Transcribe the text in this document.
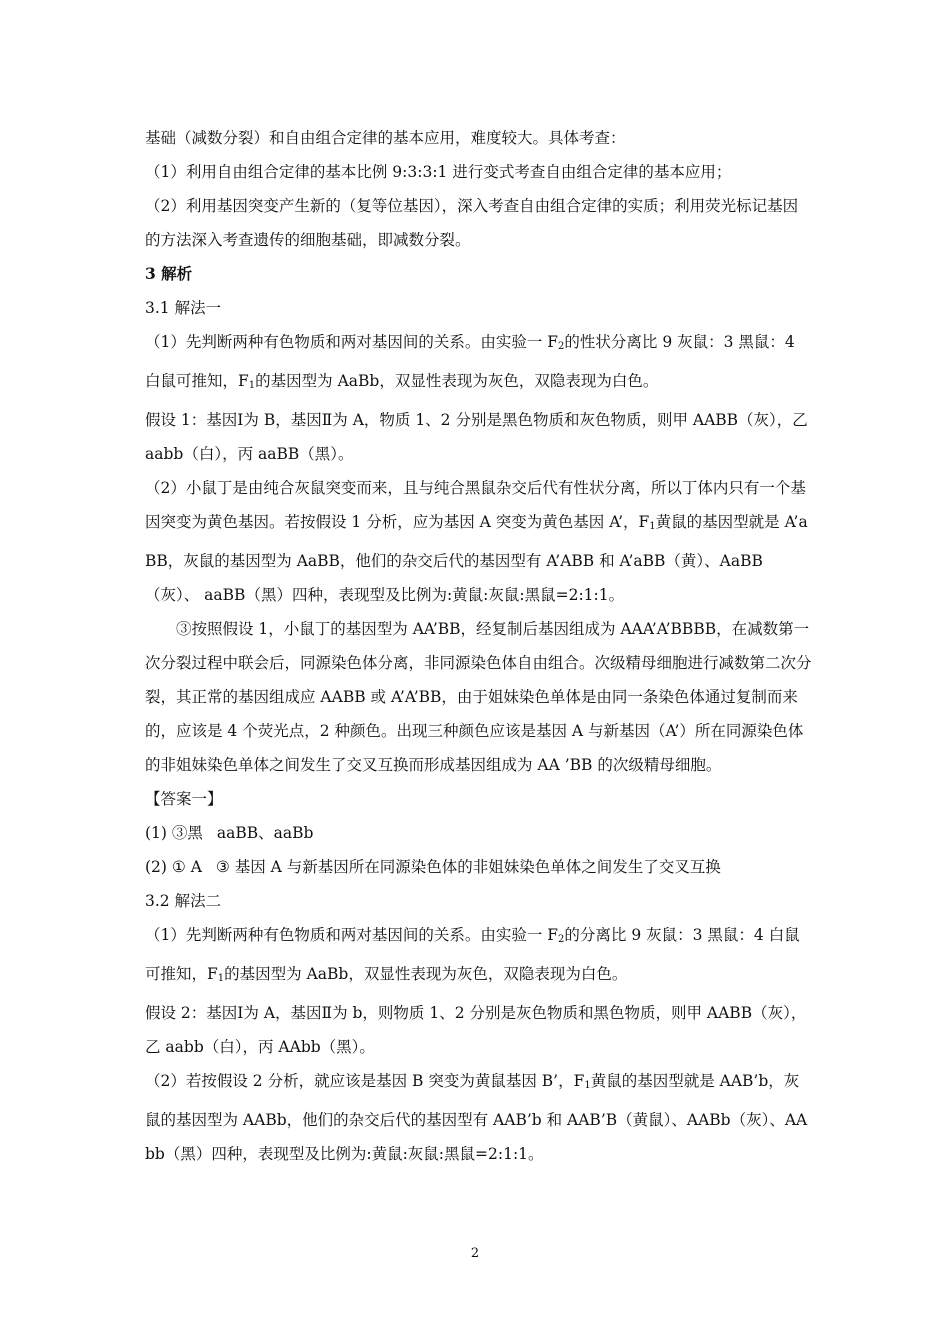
基础（减数分裂）和自由组合定律的基本应用，难度较大。具体考查：

（1）利用自由组合定律的基本比例 9:3:3:1 进行变式考查自由组合定律的基本应用；

（2）利用基因突变产生新的（复等位基因），深入考查自由组合定律的实质；利用荧光标记基因的方法深入考查遗传的细胞基础，即减数分裂。

3 解析

3.1 解法一

（1）先判断两种有色物质和两对基因间的关系。由实验一 $F_2$的性状分离比 9 灰鼠：3 黑鼠：4 白鼠可推知，$F_1$的基因型为 AaBb，双显性表现为灰色，双隐表现为白色。

假设 1：基因Ⅰ为 B，基因Ⅱ为 A，物质 1、2 分别是黑色物质和灰色物质，则甲 AABB（灰），乙 aabb（白），丙 aaBB（黑）。

（2）小鼠丁是由纯合灰鼠突变而来，且与纯合黑鼠杂交后代有性状分离，所以丁体内只有一个基因突变为黄色基因。若按假设 1 分析，应为基因 A 突变为黄色基因 A’，$F_1$黄鼠的基因型就是 A’aBB，灰鼠的基因型为 AaBB，他们的杂交后代的基因型有 A’ABB 和 A’aBB（黄）、AaBB（灰）、 aaBB（黑）四种，表现型及比例为:黄鼠:灰鼠:黑鼠=2:1:1。

③按照假设 1，小鼠丁的基因型为 AA’BB，经复制后基因组成为 AAA’A’BBBB，在减数第一次分裂过程中联会后，同源染色体分离，非同源染色体自由组合。次级精母细胞进行减数第二次分裂，其正常的基因组成应 AABB 或 A’A’BB，由于姐妹染色单体是由同一条染色体通过复制而来的，应该是 4 个荧光点，2 种颜色。出现三种颜色应该是基因 A 与新基因（A’）所在同源染色体的非姐妹染色单体之间发生了交叉互换而形成基因组成为 AA ’BB 的次级精母细胞。

【答案一】

(1) ③黑 aaBB、aaBb

(2) ① A ③ 基因 A 与新基因所在同源染色体的非姐妹染色单体之间发生了交叉互换

3.2 解法二

（1）先判断两种有色物质和两对基因间的关系。由实验一 $F_2$的分离比 9 灰鼠：3 黑鼠：4 白鼠可推知，$F_1$的基因型为 AaBb，双显性表现为灰色，双隐表现为白色。

假设 2：基因Ⅰ为 A，基因Ⅱ为 b，则物质 1、2 分别是灰色物质和黑色物质，则甲 AABB（灰），乙 aabb（白），丙 AAbb（黑）。

（2）若按假设 2 分析，就应该是基因 B 突变为黄鼠基因 B’，$F_1$黄鼠的基因型就是 AAB’b，灰鼠的基因型为 AABb，他们的杂交后代的基因型有 AAB’b 和 AAB’B（黄鼠）、AABb（灰）、AAbb（黑）四种，表现型及比例为:黄鼠:灰鼠:黑鼠=2:1:1。

2
